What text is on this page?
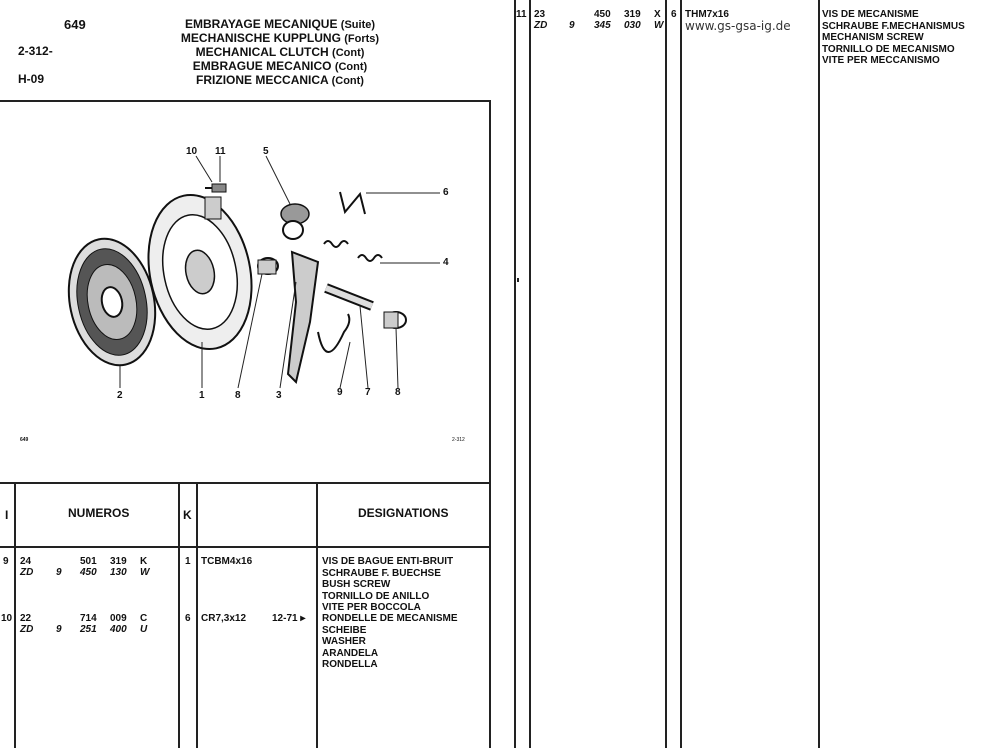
649
2-312-
H-09
EMBRAYAGE MECANIQUE (Suite)
MECHANISCHE KUPPLUNG (Forts)
MECHANICAL CLUTCH (Cont)
EMBRAGUE MECANICO (Cont)
FRIZIONE MECCANICA (Cont)
10 11	5
6
4
2	1	8	3	9 7 8
649	2-312
I	NUMEROS	K	DESIGNATIONS
9 24	501 319 K
ZD 9 450 130 W
1 TCBM4x16	VIS DE BAGUE ENTI-BRUIT
SCHRAUBE F. BUECHSE
BUSH SCREW
TORNILLO DE ANILLO
VITE PER BOCCOLA
10 22	714 009 C
ZD 9 251 400 U
6 CR7,3x12	12-71 ▸ RONDELLE DE MECANISME
SCHEIBE
WASHER
ARANDELA
RONDELLA
11 23	450 319 X
ZD 9 345 030 W
6 THM7x16
www.gs-gsa-ig.de
VIS DE MECANISME
SCHRAUBE F.MECHANISMUS
MECHANISM SCREW
TORNILLO DE MECANISMO
VITE PER MECCANISMO
